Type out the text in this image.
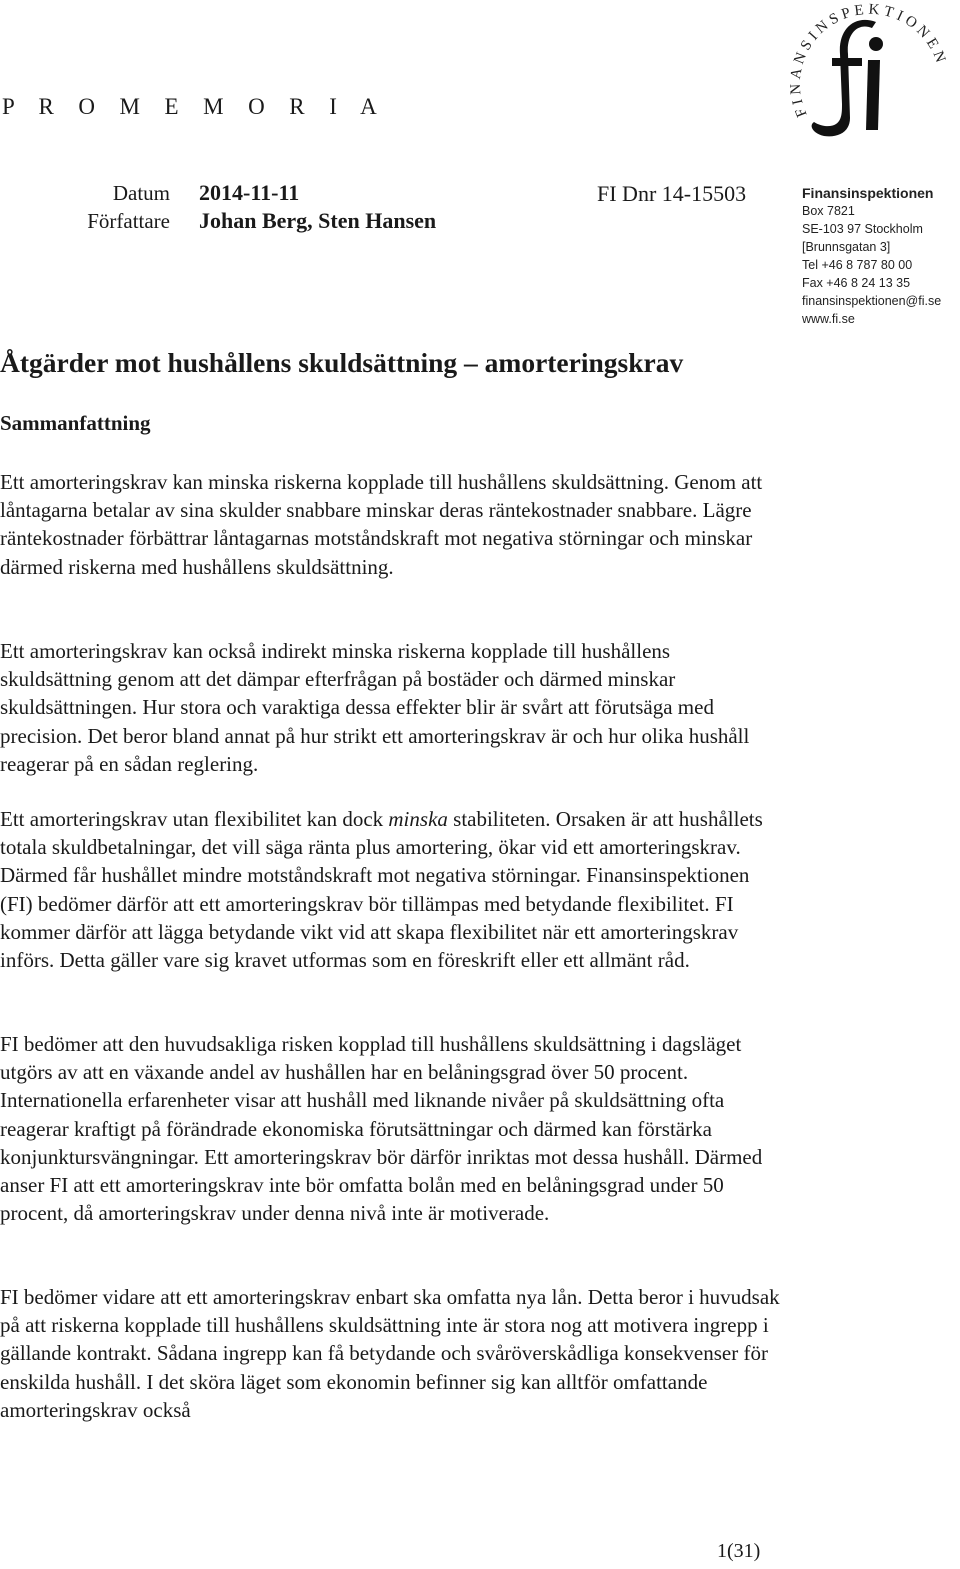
P R O M E M O R I A	FINANSINSPEKTIONEN
Datum 2014-11-11
Författare Johan Berg, Sten Hansen
FI Dnr 14-15503	Finansinspektionen
Box 7821
SE-103 97 Stockholm
[Brunnsgatan 3]
Tel +46 8 787 80 00
Fax +46 8 24 13 35
finansinspektionen@fi.se
www.fi.se
Åtgärder mot hushållens skuldsättning – amorteringskrav
Sammanfattning

Ett amorteringskrav kan minska riskerna kopplade till hushållens skuldsättning. Genom att låntagarna betalar av sina skulder snabbare minskar deras räntekostnader snabbare. Lägre räntekostnader förbättrar låntagarnas motståndskraft mot negativa störningar och minskar därmed riskerna med hushållens skuldsättning.

Ett amorteringskrav kan också indirekt minska riskerna kopplade till hushållens skuldsättning genom att det dämpar efterfrågan på bostäder och därmed minskar skuldsättningen. Hur stora och varaktiga dessa effekter blir är svårt att förutsäga med precision. Det beror bland annat på hur strikt ett amorteringskrav är och hur olika hushåll reagerar på en sådan reglering.

Ett amorteringskrav utan flexibilitet kan dock minska stabiliteten. Orsaken är att hushållets totala skuldbetalningar, det vill säga ränta plus amortering, ökar vid ett amorteringskrav. Därmed får hushållet mindre motståndskraft mot negativa störningar. Finansinspektionen (FI) bedömer därför att ett amorteringskrav bör tillämpas med betydande flexibilitet. FI kommer därför att lägga betydande vikt vid att skapa flexibilitet när ett amorteringskrav införs. Detta gäller vare sig kravet utformas som en föreskrift eller ett allmänt råd.

FI bedömer att den huvudsakliga risken kopplad till hushållens skuldsättning i dagsläget utgörs av att en växande andel av hushållen har en belåningsgrad över 50 procent. Internationella erfarenheter visar att hushåll med liknande nivåer på skuldsättning ofta reagerar kraftigt på förändrade ekonomiska förutsättningar och därmed kan förstärka konjunktursvängningar. Ett amorteringskrav bör därför inriktas mot dessa hushåll. Därmed anser FI att ett amorteringskrav inte bör omfatta bolån med en belåningsgrad under 50 procent, då amorteringskrav under denna nivå inte är motiverade.

FI bedömer vidare att ett amorteringskrav enbart ska omfatta nya lån. Detta beror i huvudsak på att riskerna kopplade till hushållens skuldsättning inte är stora nog att motivera ingrepp i gällande kontrakt. Sådana ingrepp kan få betydande och svåröverskådliga konsekvenser för enskilda hushåll. I det sköra läget som ekonomin befinner sig kan alltför omfattande amorteringskrav också

1(31)
